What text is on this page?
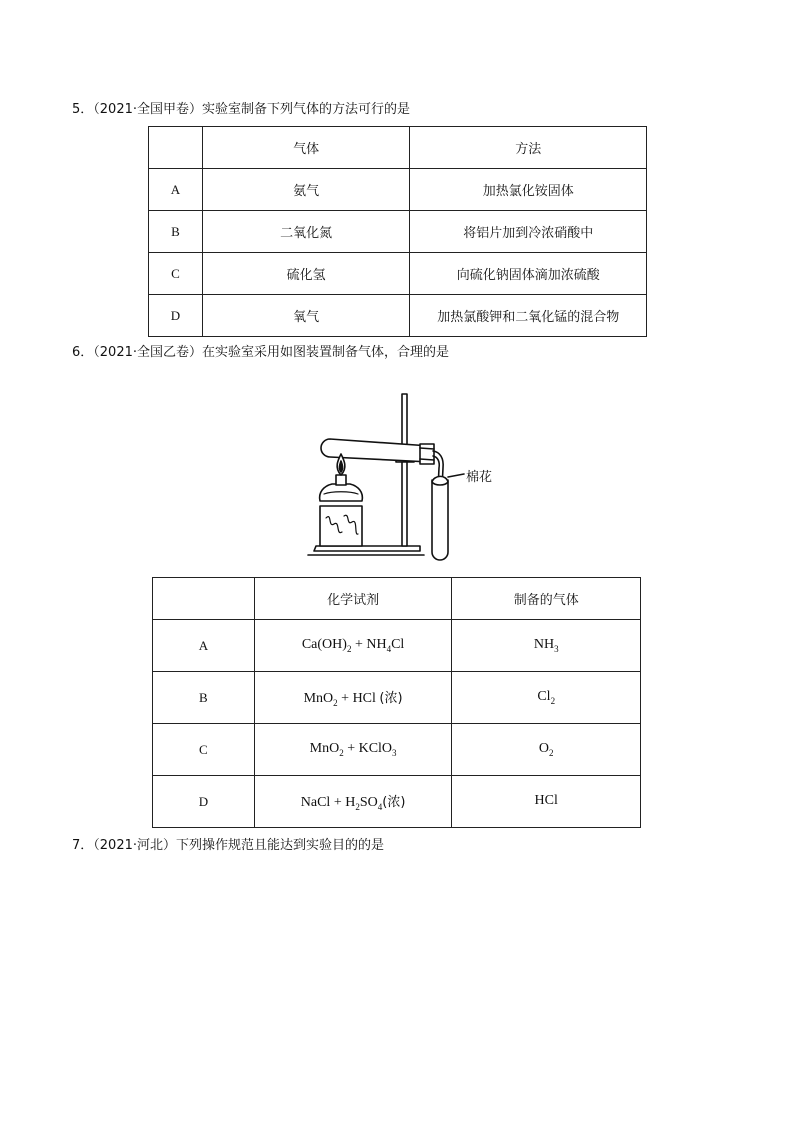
5．（2021·全国甲卷）实验室制备下列气体的方法可行的是
	气体	方法
A	氨气	加热氯化铵固体
B	二氧化氮	将铝片加到冷浓硝酸中
C	硫化氢	向硫化钠固体滴加浓硫酸
D	氧气	加热氯酸钾和二氧化锰的混合物
6．（2021·全国乙卷）在实验室采用如图装置制备气体，合理的是
棉花
	化学试剂	制备的气体
A	$Ca(OH)_2 + NH_4Cl$	$NH_3$
B	MnO$_2$ + HCl (浓)	$Cl_2$
C	MnO$_2$ + KClO$_3$	$O_2$
D	NaCl + $H_2SO_4$(浓)	HCl
7．（2021·河北）下列操作规范且能达到实验目的的是
